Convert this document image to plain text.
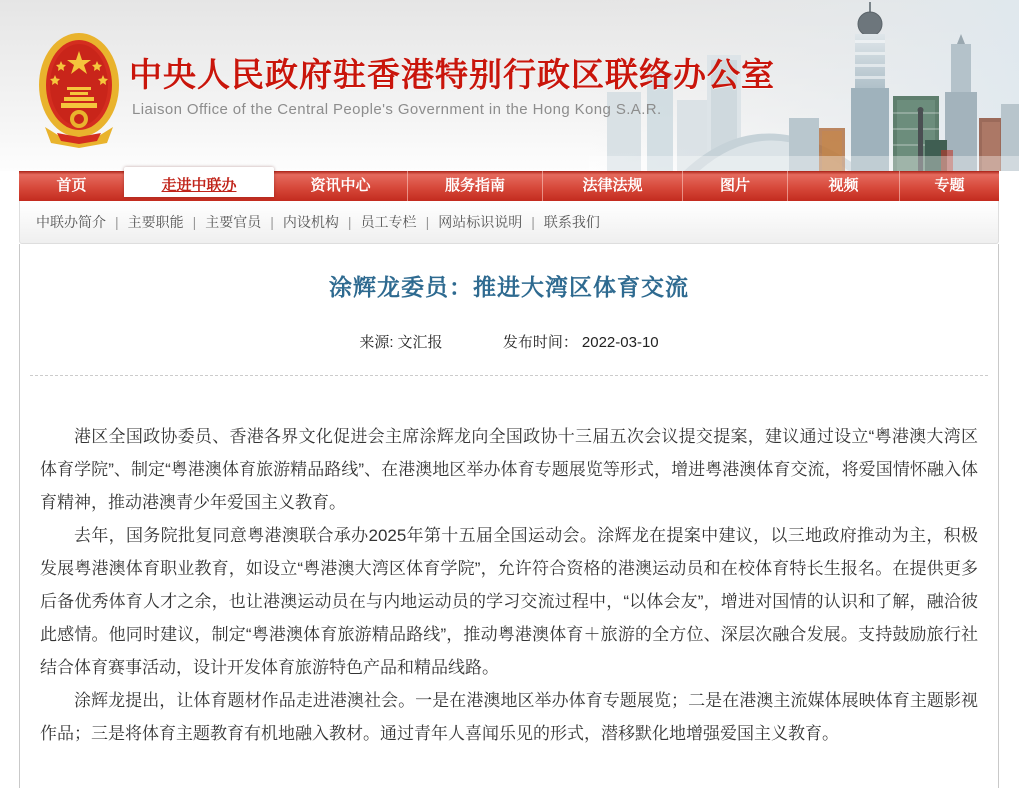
中央人民政府驻香港特别行政区联络办公室
Liaison Office of the Central People's Government in the Hong Kong S.A.R.
首页	走进中联办	资讯中心	服务指南	法律法规	图片	视频	专题
中联办简介 | 主要职能 | 主要官员 | 内设机构 | 员工专栏 | 网站标识说明 | 联系我们
涂辉龙委员：推进大湾区体育交流
来源: 文汇报	发布时间： 2022-03-10

港区全国政协委员、香港各界文化促进会主席涂辉龙向全国政协十三届五次会议提交提案，建议通过设立“粤港澳大湾区体育学院”、制定“粤港澳体育旅游精品路线”、在港澳地区举办体育专题展览等形式，增进粤港澳体育交流，将爱国情怀融入体育精神，推动港澳青少年爱国主义教育。

去年，国务院批复同意粤港澳联合承办2025年第十五届全国运动会。涂辉龙在提案中建议，以三地政府推动为主，积极发展粤港澳体育职业教育，如设立“粤港澳大湾区体育学院”，允许符合资格的港澳运动员和在校体育特长生报名。在提供更多后备优秀体育人才之余，也让港澳运动员在与内地运动员的学习交流过程中，“以体会友”，增进对国情的认识和了解，融洽彼此感情。他同时建议，制定“粤港澳体育旅游精品路线”，推动粤港澳体育＋旅游的全方位、深层次融合发展。支持鼓励旅行社结合体育赛事活动，设计开发体育旅游特色产品和精品线路。

涂辉龙提出，让体育题材作品走进港澳社会。一是在港澳地区举办体育专题展览；二是在港澳主流媒体展映体育主题影视作品；三是将体育主题教育有机地融入教材。通过青年人喜闻乐见的形式，潜移默化地增强爱国主义教育。
